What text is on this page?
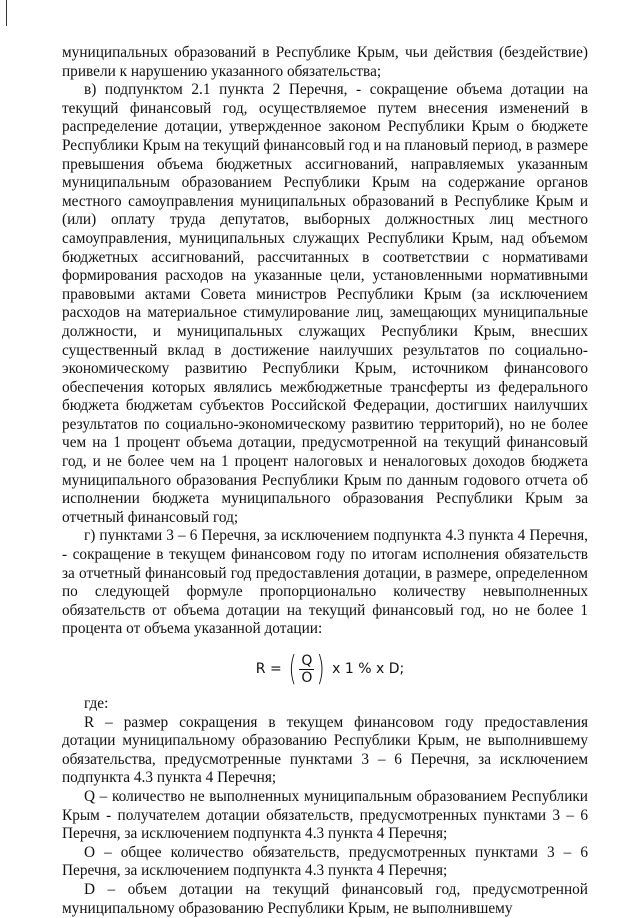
муниципальных образований в Республике Крым, чьи действия (бездействие) привели к нарушению указанного обязательства;

в) подпунктом 2.1 пункта 2 Перечня, - сокращение объема дотации на текущий финансовый год, осуществляемое путем внесения изменений в распределение дотации, утвержденное законом Республики Крым о бюджете Республики Крым на текущий финансовый год и на плановый период, в размере превышения объема бюджетных ассигнований, направляемых указанным муниципальным образованием Республики Крым на содержание органов местного самоуправления муниципальных образований в Республике Крым и (или) оплату труда депутатов, выборных должностных лиц местного самоуправления, муниципальных служащих Республики Крым, над объемом бюджетных ассигнований, рассчитанных в соответствии с нормативами формирования расходов на указанные цели, установленными нормативными правовыми актами Совета министров Республики Крым (за исключением расходов на материальное стимулирование лиц, замещающих муниципальные должности, и муниципальных служащих Республики Крым, внесших существенный вклад в достижение наилучших результатов по социально-экономическому развитию Республики Крым, источником финансового обеспечения которых являлись межбюджетные трансферты из федерального бюджета бюджетам субъектов Российской Федерации, достигших наилучших результатов по социально-экономическому развитию территорий), но не более чем на 1 процент объема дотации, предусмотренной на текущий финансовый год, и не более чем на 1 процент налоговых и неналоговых доходов бюджета муниципального образования Республики Крым по данным годового отчета об исполнении бюджета муниципального образования Республики Крым за отчетный финансовый год;

г) пунктами 3 – 6 Перечня, за исключением подпункта 4.3 пункта 4 Перечня, - сокращение в текущем финансовом году по итогам исполнения обязательств за отчетный финансовый год предоставления дотации, в размере, определенном по следующей формуле пропорционально количеству невыполненных обязательств от объема дотации на текущий финансовый год, но не более 1 процента от объема указанной дотации:

R = ( $\frac{Q}{O}$ ) x 1 % x D;

где:

R – размер сокращения в текущем финансовом году предоставления дотации муниципальному образованию Республики Крым, не выполнившему обязательства, предусмотренные пунктами 3 – 6 Перечня, за исключением подпункта 4.3 пункта 4 Перечня;

Q – количество не выполненных муниципальным образованием Республики Крым - получателем дотации обязательств, предусмотренных пунктами 3 – 6 Перечня, за исключением подпункта 4.3 пункта 4 Перечня;

O – общее количество обязательств, предусмотренных пунктами 3 – 6 Перечня, за исключением подпункта 4.3 пункта 4 Перечня;

D – объем дотации на текущий финансовый год, предусмотренной муниципальному образованию Республики Крым, не выполнившему
